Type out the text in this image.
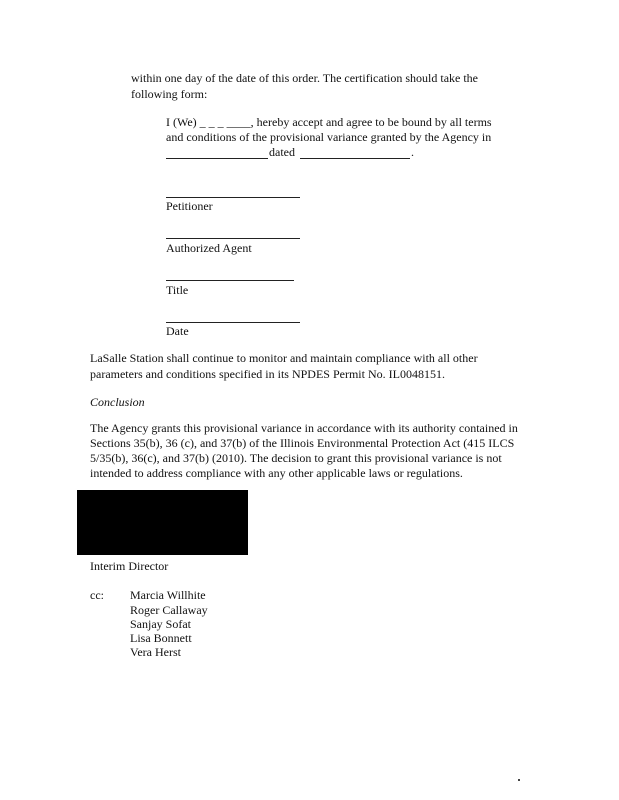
within one day of the date of this order. The certification should take the

following form:

I (We) _ _ _ ____, hereby accept and agree to be bound by all terms

and conditions of the provisional variance granted by the Agency in

dated	.

Petitioner

Authorized Agent

Title

Date

LaSalle Station shall continue to monitor and maintain compliance with all other

parameters and conditions specified in its NPDES Permit No. IL0048151.

Conclusion

The Agency grants this provisional variance in accordance with its authority contained in

Sections 35(b), 36 (c), and 37(b) of the Illinois Environmental Protection Act (415 ILCS

5/35(b), 36(c), and 37(b) (2010). The decision to grant this provisional variance is not

intended to address compliance with any other applicable laws or regulations.

Interim Director

cc: Marcia Willhite

Roger Callaway

Sanjay Sofat

Lisa Bonnett

Vera Herst
